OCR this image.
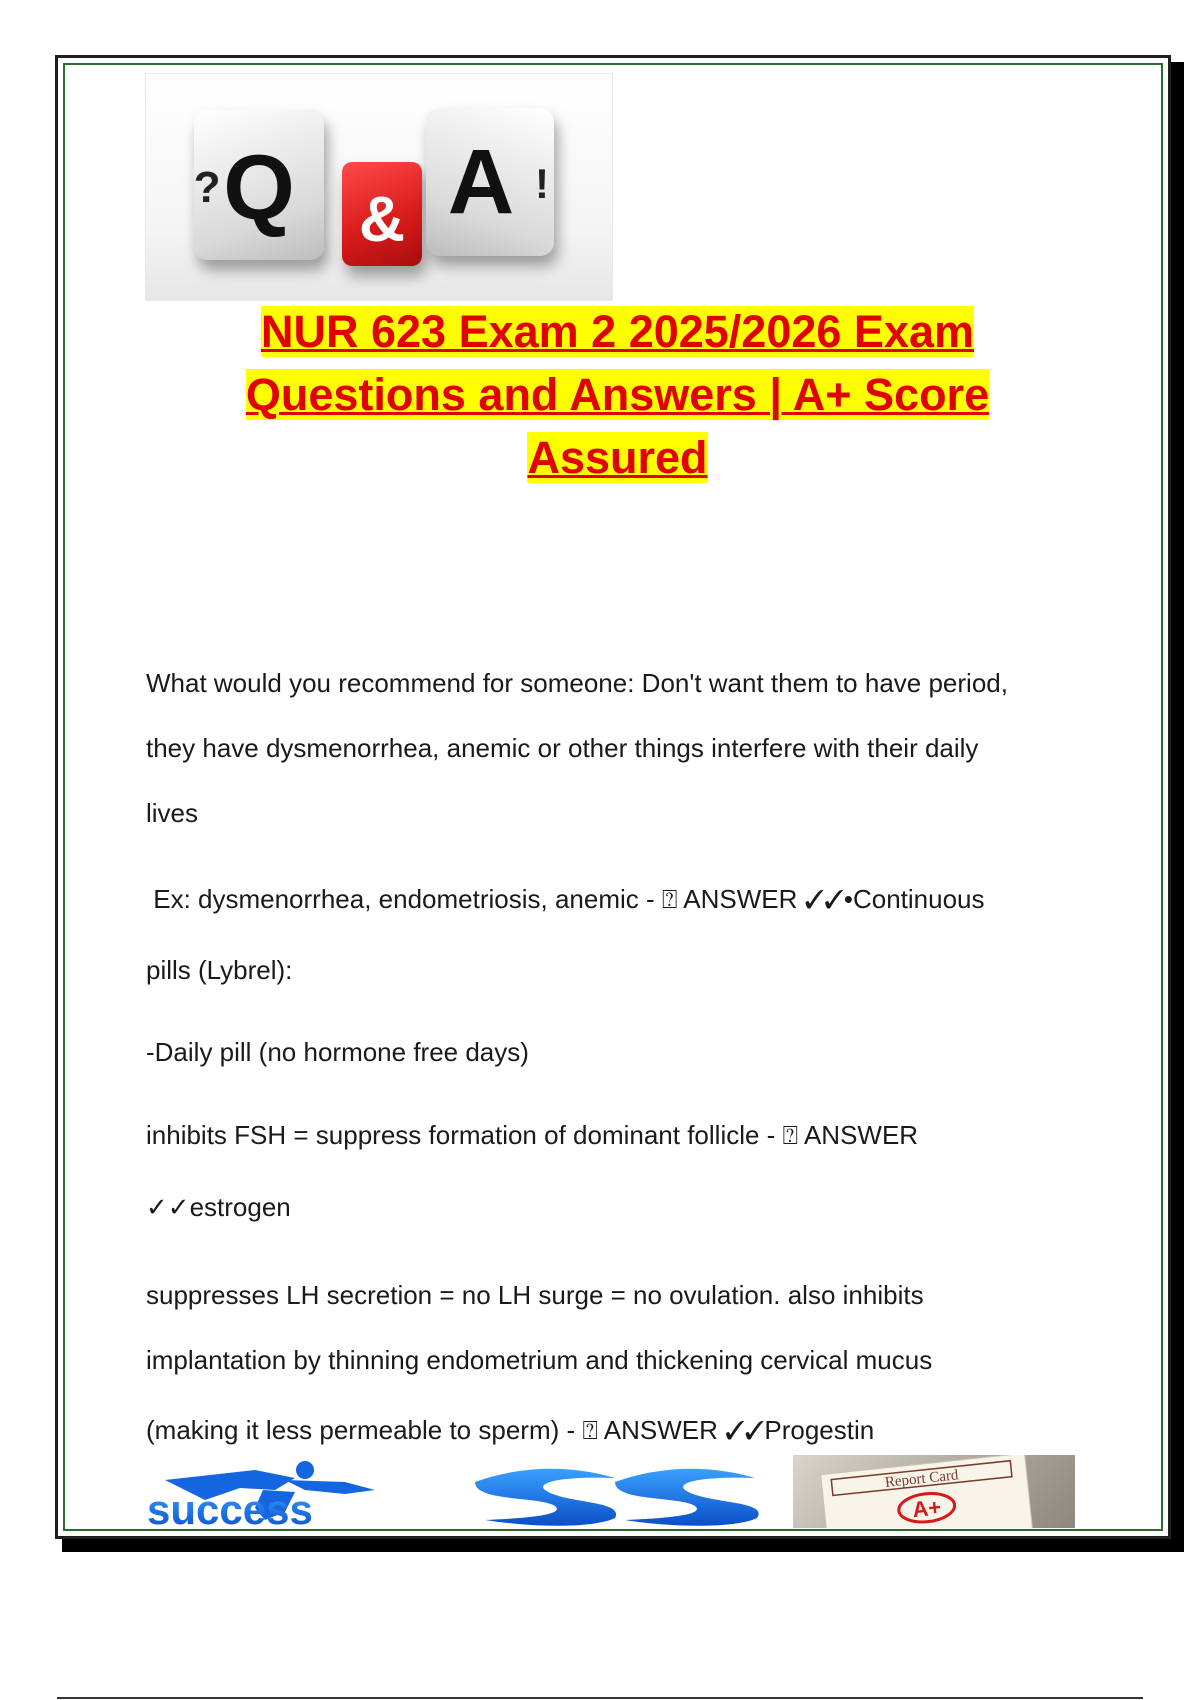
Q
? & A !
NUR 623 Exam 2 2025/2026 Exam
Questions and Answers | A+ Score
Assured
What would you recommend for someone: Don't want them to have period,
they have dysmenorrhea, anemic or other things interfere with their daily
lives
Ex: dysmenorrhea, endometriosis, anemic - ⍰ ANSWER ✓✓•Continuous
pills (Lybrel):
-Daily pill (no hormone free days)
inhibits FSH = suppress formation of dominant follicle - ⍰ ANSWER
✓✓estrogen
suppresses LH secretion = no LH surge = no ovulation. also inhibits
implantation by thinning endometrium and thickening cervical mucus
(making it less permeable to sperm) - ⍰ ANSWER ✓✓Progestin
success
Report Card
A+
